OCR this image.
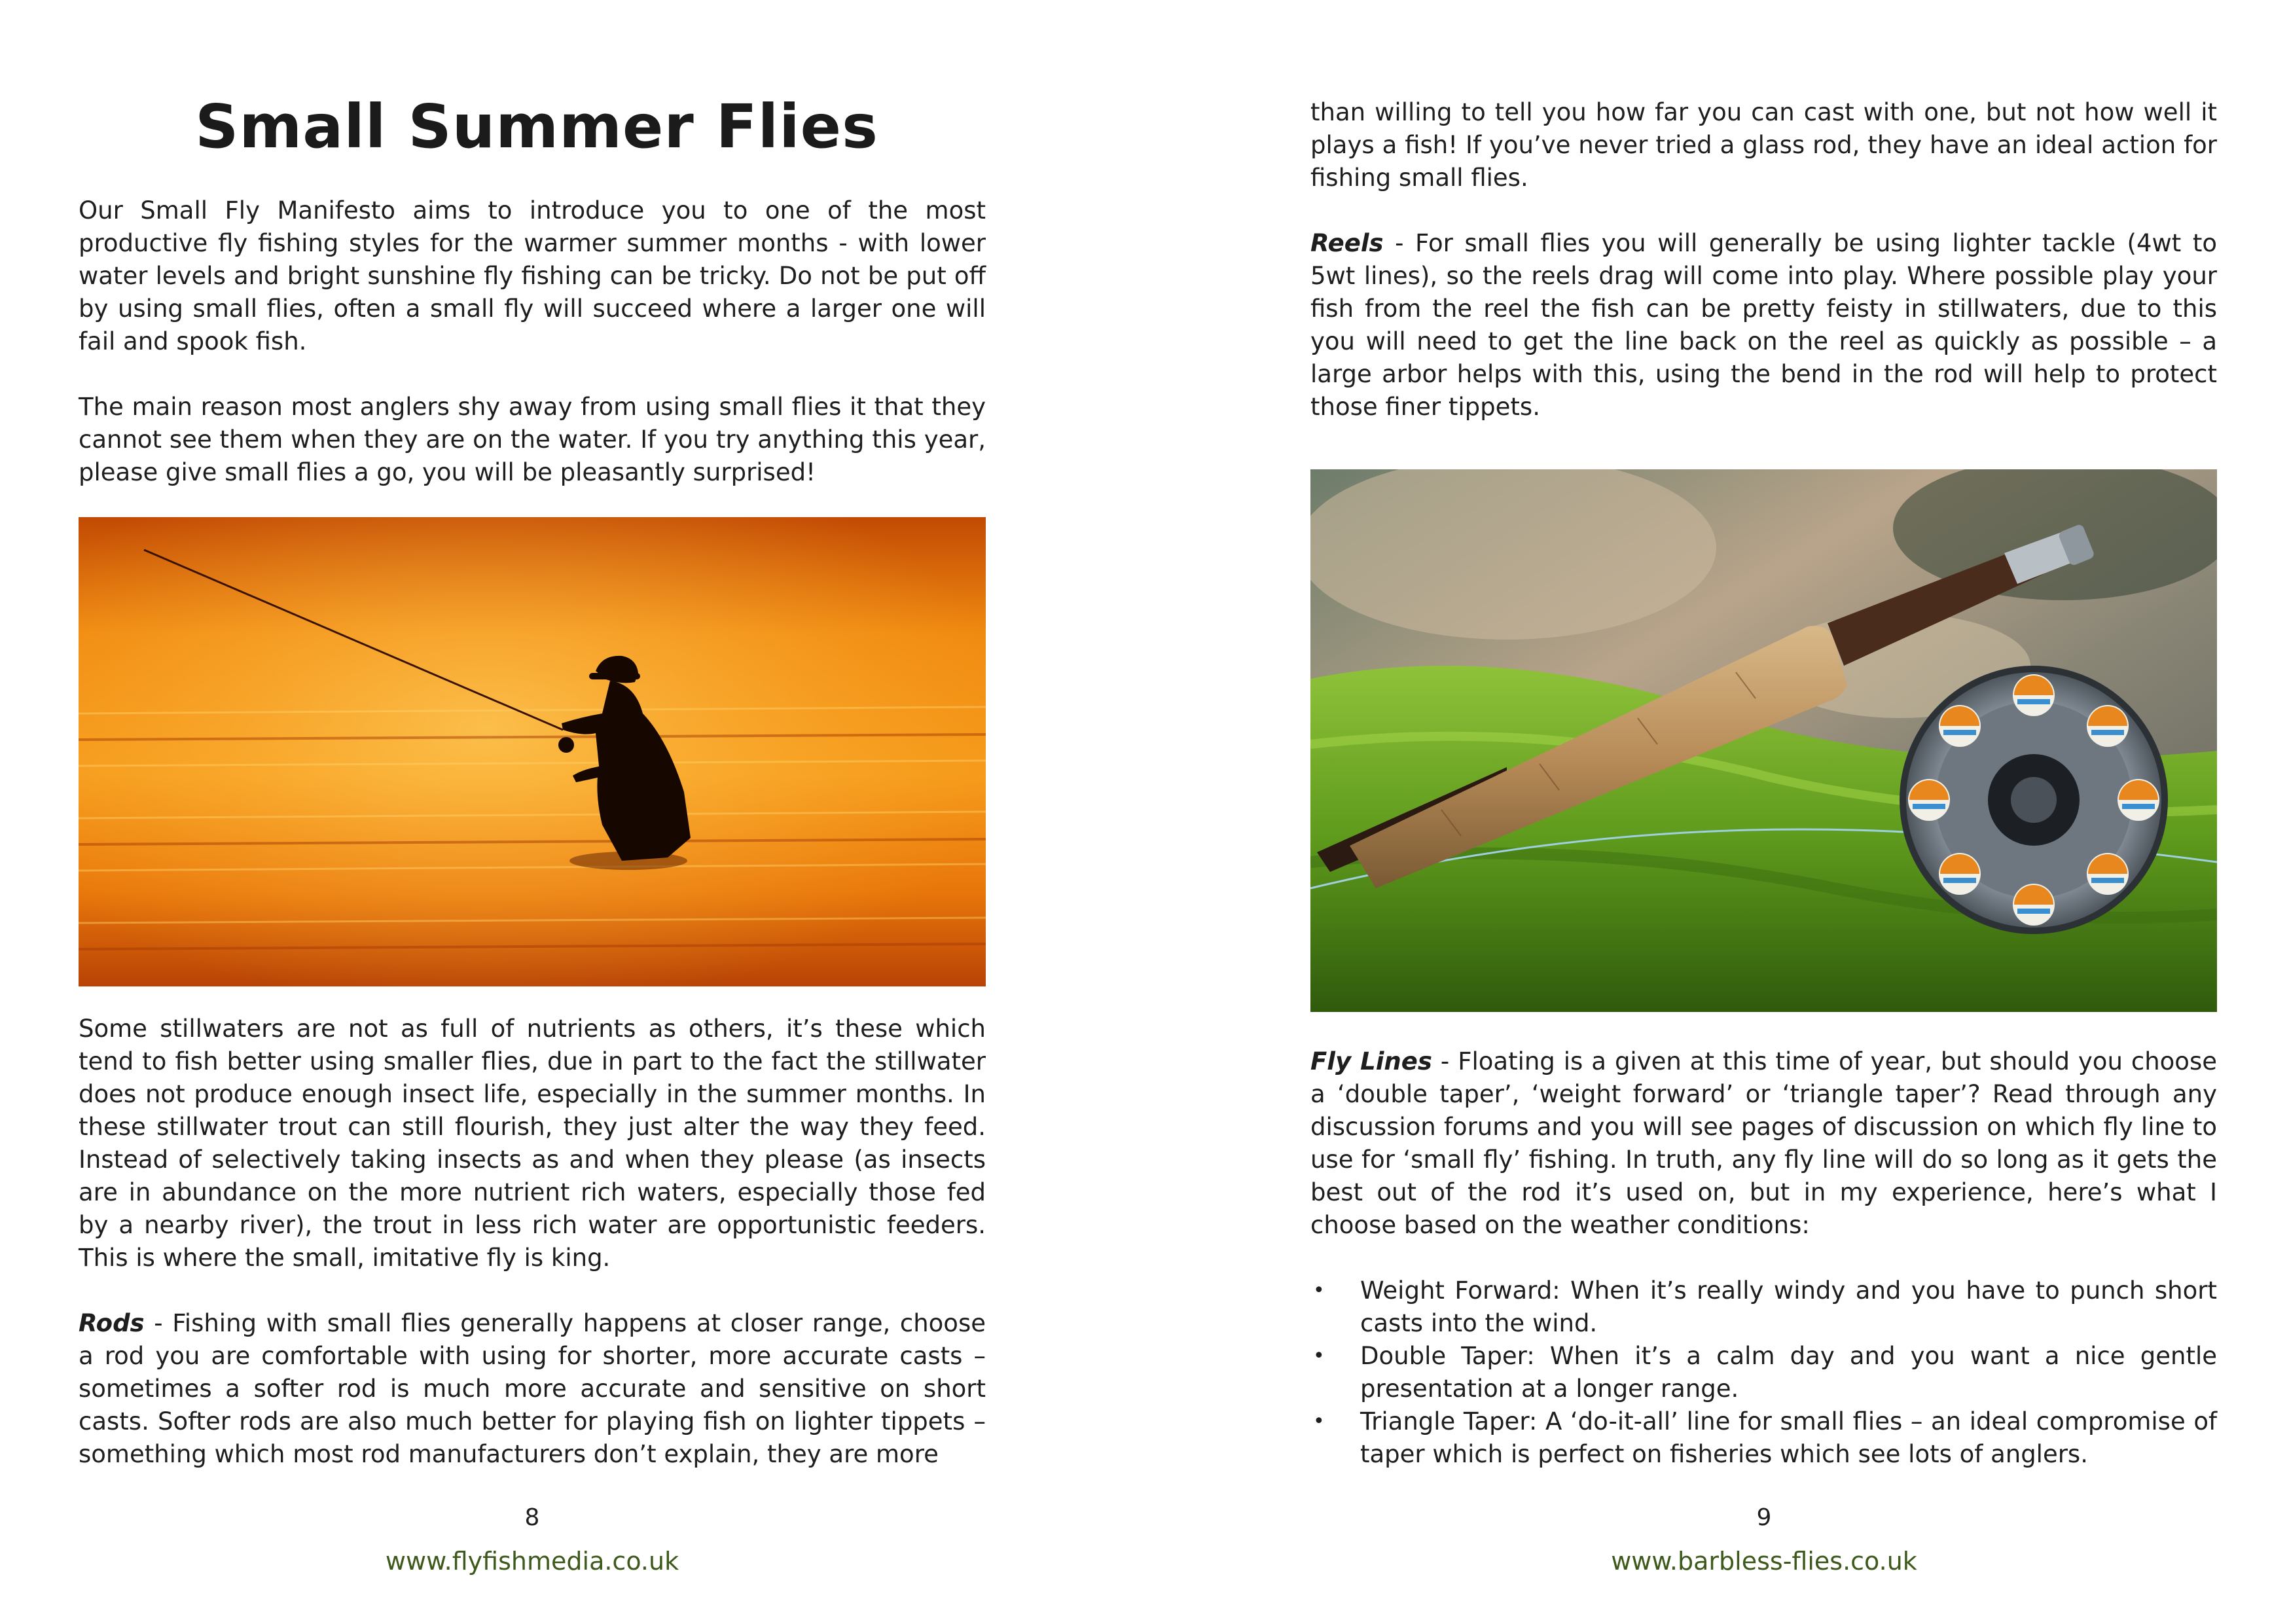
Small Summer Flies

Our Small Fly Manifesto aims to introduce you to one of the most productive fly fishing styles for the warmer summer months - with lower water levels and bright sunshine fly fishing can be tricky. Do not be put off by using small flies, often a small fly will succeed where a larger one will fail and spook fish.

The main reason most anglers shy away from using small flies it that they cannot see them when they are on the water. If you try anything this year, please give small flies a go, you will be pleasantly surprised!

Some stillwaters are not as full of nutrients as others, it’s these which tend to fish better using smaller flies, due in part to the fact the stillwater does not produce enough insect life, especially in the summer months. In these stillwater trout can still flourish, they just alter the way they feed. Instead of selectively taking insects as and when they please (as insects are in abundance on the more nutrient rich waters, especially those fed by a nearby river), the trout in less rich water are opportunistic feeders. This is where the small, imitative fly is king.

Rods - Fishing with small flies generally happens at closer range, choose a rod you are comfortable with using for shorter, more accurate casts – sometimes a softer rod is much more accurate and sensitive on short casts. Softer rods are also much better for playing fish on lighter tippets – something which most rod manufacturers don’t explain, they are more

8

www.flyfishmedia.co.uk

than willing to tell you how far you can cast with one, but not how well it plays a fish! If you’ve never tried a glass rod, they have an ideal action for fishing small flies.

Reels - For small flies you will generally be using lighter tackle (4wt to 5wt lines), so the reels drag will come into play. Where possible play your fish from the reel the fish can be pretty feisty in stillwaters, due to this you will need to get the line back on the reel as quickly as possible – a large arbor helps with this, using the bend in the rod will help to protect those finer tippets.

Fly Lines - Floating is a given at this time of year, but should you choose a ‘double taper’, ‘weight forward’ or ‘triangle taper’? Read through any discussion forums and you will see pages of discussion on which fly line to use for ‘small fly’ fishing. In truth, any fly line will do so long as it gets the best out of the rod it’s used on, but in my experience, here’s what I choose based on the weather conditions:

• Weight Forward: When it’s really windy and you have to punch short casts into the wind.
• Double Taper: When it’s a calm day and you want a nice gentle presentation at a longer range.
• Triangle Taper: A ‘do-it-all’ line for small flies – an ideal compromise of taper which is perfect on fisheries which see lots of anglers.

9

www.barbless-flies.co.uk
